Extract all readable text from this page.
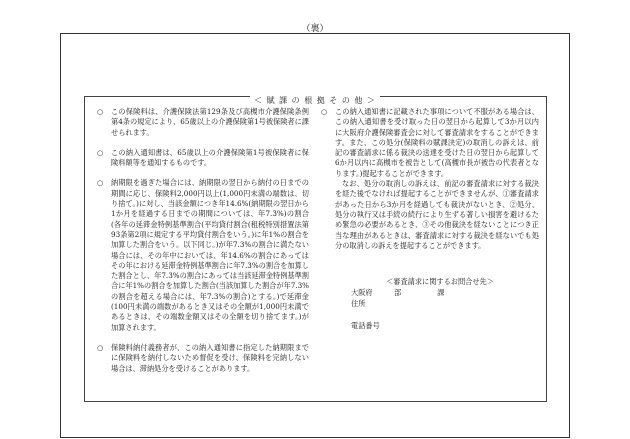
（裏）
＜ 賦 課 の 根 拠 そ の 他 ＞
○	この保険料は、介護保険法第129条及び高槻市介護保険条例第4条の規定により、65歳以上の介護保険第1号被保険者に課せられます。
○	この納入通知書は、65歳以上の介護保険第1号被保険者に保険料額等を通知するものです。
○	納期限を過ぎた場合には、納期限の翌日から納付の日までの期間に応じ、保険料2,000円以上(1,000円未満の端数は、切り捨て。)に対し、当該金額につき年14.6%(納期限の翌日から1か月を経過する日までの期間については、年7.3%)の割合(各年の延滞金特例基準割合(平均貸付割合(租税特別措置法第93条第2項に規定する平均貸付割合をいう。)に年1%の割合を加算した割合をいう。以下同じ。)が年7.3%の割合に満たない場合には、その年中においては、年14.6%の割合にあってはその年における延滞金特例基準割合に年7.3%の割合を加算した割合とし、年7.3%の割合にあっては当該延滞金特例基準割合に年1%の割合を加算した割合(当該加算した割合が年7.3%の割合を超える場合には、年7.3%の割合)とする。)で延滞金(100円未満の端数があるとき又はその全額が1,000円未満であるときは、その端数金額又はその全額を切り捨てます。)が加算されます。
○	保険料納付義務者が、この納入通知書に指定した納期限までに保険料を納付しないため督促を受け、保険料を完納しない場合は、滞納処分を受けることがあります。
○	この納入通知書に記載された事項について不服がある場合は、この納入通知書を受け取った日の翌日から起算して3か月以内に大阪府介護保険審査会に対して審査請求をすることができます。また、この処分(保険料の賦課決定)の取消しの訴えは、前記の審査請求に係る裁決の送達を受けた日の翌日から起算して6か月以内に高槻市を被告として(高槻市長が被告の代表者となります。)提起することができます。

なお、処分の取消しの訴えは、前記の審査請求に対する裁決を経た後でなければ提起することができませんが、①審査請求があった日から3か月を経過しても裁決がないとき、②処分、処分の執行又は手続の続行により生ずる著しい損害を避けるため緊急の必要があるとき、③その他裁決を経ないことにつき正当な理由があるときは、審査請求に対する裁決を経ないでも処分の取消しの訴えを提起することができます。

＜審査請求に関するお問合せ先＞
大阪府　　　部　　　　　課
住所
電話番号
